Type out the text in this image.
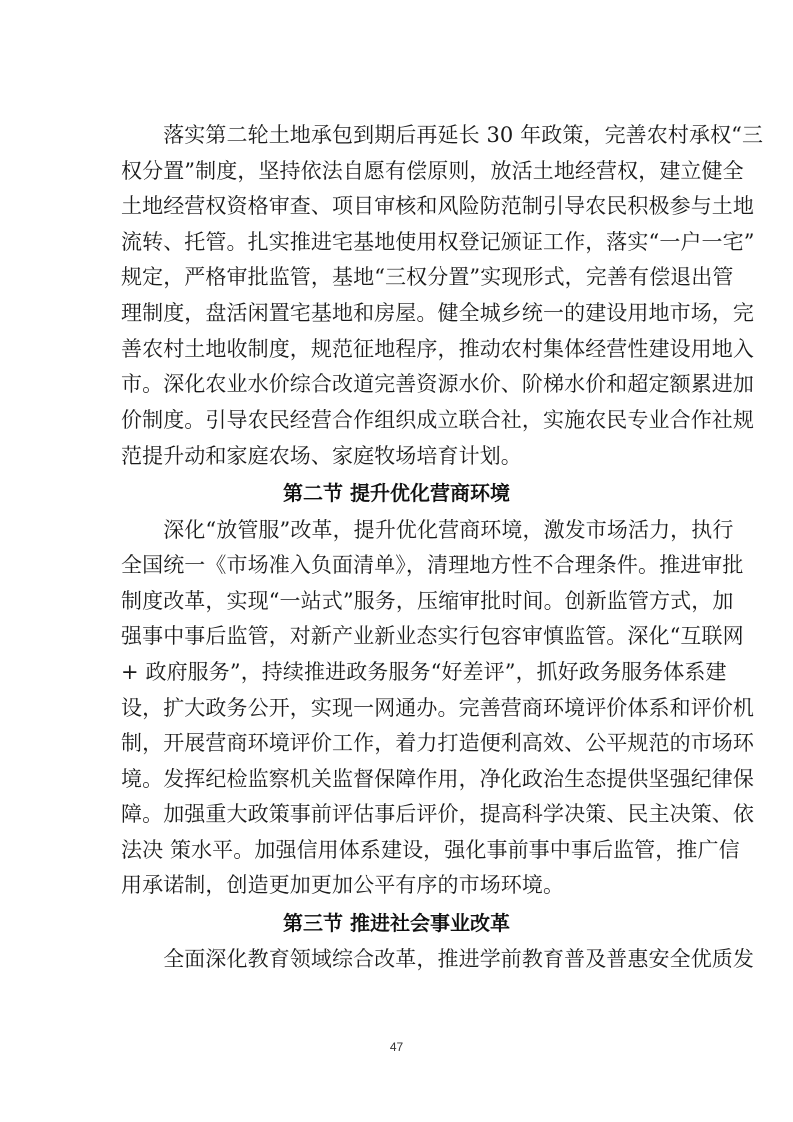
　　落实第二轮土地承包到期后再延长 30 年政策，完善农村承权“三
权分置”制度，坚持依法自愿有偿原则，放活土地经营权，建立健全
土地经营权资格审查、项目审核和风险防范制引导农民积极参与土地
流转、托管。扎实推进宅基地使用权登记颁证工作，落实“一户一宅”
规定，严格审批监管，基地“三权分置”实现形式，完善有偿退出管
理制度，盘活闲置宅基地和房屋。健全城乡统一的建设用地市场，完
善农村土地收制度，规范征地程序，推动农村集体经营性建设用地入
市。深化农业水价综合改道完善资源水价、阶梯水价和超定额累进加
价制度。引导农民经营合作组织成立联合社，实施农民专业合作社规
范提升动和家庭农场、家庭牧场培育计划。
第二节 提升优化营商环境
　　深化“放管服”改革，提升优化营商环境，激发市场活力，执行
全国统一《市场准入负面清单》，清理地方性不合理条件。推进审批
制度改革，实现“一站式”服务，压缩审批时间。创新监管方式，加
强事中事后监管，对新产业新业态实行包容审慎监管。深化“互联网
+ 政府服务”，持续推进政务服务“好差评”，抓好政务服务体系建
设，扩大政务公开，实现一网通办。完善营商环境评价体系和评价机
制，开展营商环境评价工作，着力打造便利高效、公平规范的市场环
境。发挥纪检监察机关监督保障作用，净化政治生态提供坚强纪律保
障。加强重大政策事前评估事后评价，提高科学决策、民主决策、依
法决 策水平。加强信用体系建设，强化事前事中事后监管，推广信
用承诺制，创造更加更加公平有序的市场环境。
第三节 推进社会事业改革
　　全面深化教育领域综合改革，推进学前教育普及普惠安全优质发
47
